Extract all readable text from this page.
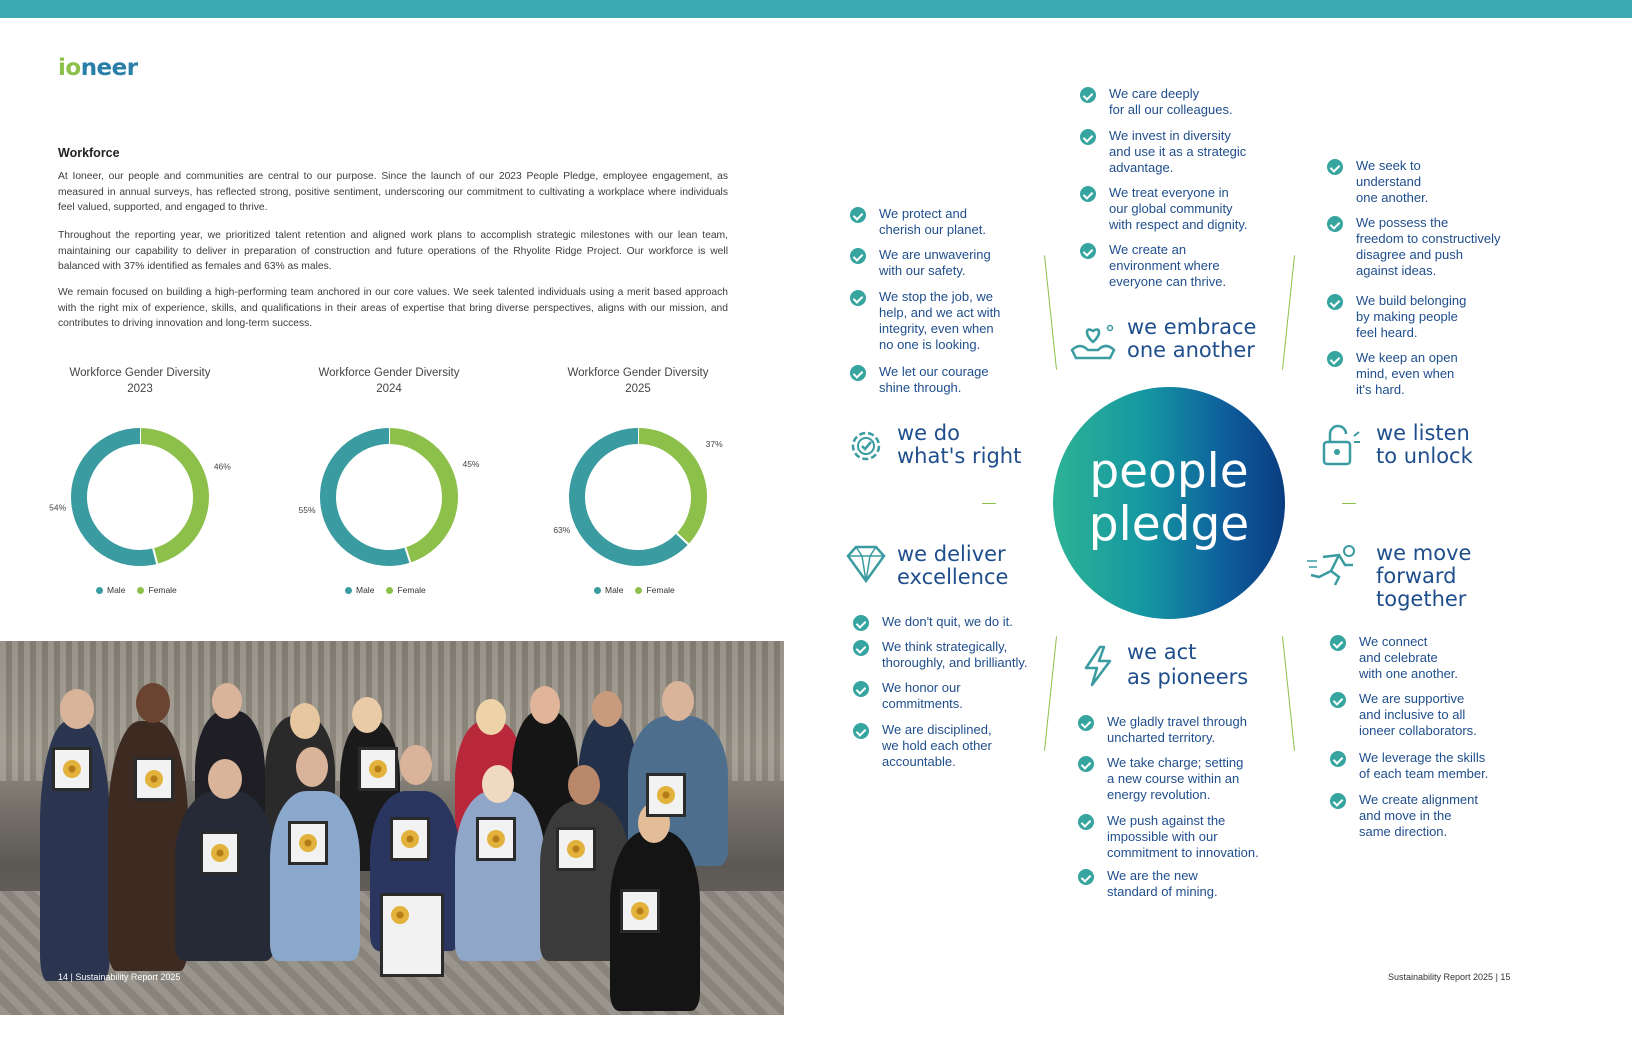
ioneer
Workforce

At Ioneer, our people and communities are central to our purpose. Since the launch of our 2023 People Pledge, employee engagement, as measured in annual surveys, has reflected strong, positive sentiment, underscoring our commitment to cultivating a workplace where individuals feel valued, supported, and engaged to thrive.

Throughout the reporting year, we prioritized talent retention and aligned work plans to accomplish strategic milestones with our lean team, maintaining our capability to deliver in preparation of construction and future operations of the Rhyolite Ridge Project. Our workforce is well balanced with 37% identified as females and 63% as males.

We remain focused on building a high-performing team anchored in our core values. We seek talented individuals using a merit based approach with the right mix of experience, skills, and qualifications in their areas of expertise that bring diverse perspectives, aligns with our mission, and contributes to driving innovation and long-term success.

Workforce Gender Diversity 2023
46%
54%
Male	Female
Workforce Gender Diversity 2024
45%
55%
Male	Female
Workforce Gender Diversity 2025
37%
63%
Male	Female
14 | Sustainability Report 2025	Sustainability Report 2025 | 15
people
pledge
we embrace
one another
we do
what's right
we listen
to unlock
we deliver
excellence
we move
forward
together
we act
as pioneers
We care deeply
for all our colleagues.
We invest in diversity
and use it as a strategic
advantage.
We treat everyone in
our global community
with respect and dignity.
We create an
environment where
everyone can thrive.
We protect and
cherish our planet.
We are unwavering
with our safety.
We stop the job, we
help, and we act with
integrity, even when
no one is looking.
We let our courage
shine through.
We seek to
understand
one another.
We possess the
freedom to constructively
disagree and push
against ideas.
We build belonging
by making people
feel heard.
We keep an open
mind, even when
it's hard.
We don't quit, we do it.
We think strategically,
thoroughly, and brilliantly.
We honor our
commitments.
We are disciplined,
we hold each other
accountable.
We gladly travel through
uncharted territory.
We take charge; setting
a new course within an
energy revolution.
We push against the
impossible with our
commitment to innovation.
We are the new
standard of mining.
We connect
and celebrate
with one another.
We are supportive
and inclusive to all
ioneer collaborators.
We leverage the skills
of each team member.
We create alignment
and move in the
same direction.
